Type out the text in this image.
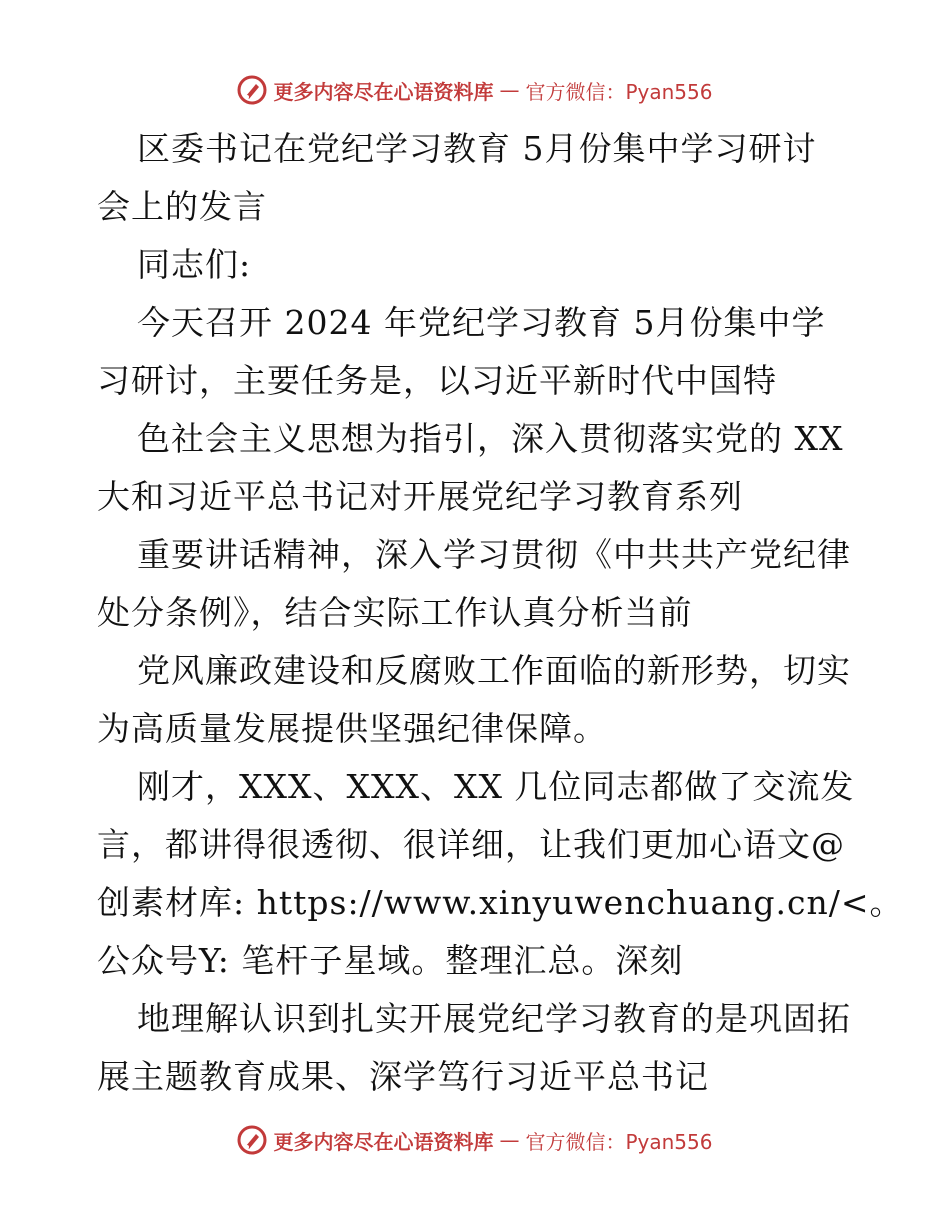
更多内容尽在心语资料库 — 官方微信：Pyan556
区委书记在党纪学习教育 5月份集中学习研讨
会上的发言
同志们:
今天召开 2024 年党纪学习教育 5月份集中学
习研讨，主要任务是，以习近平新时代中国特
色社会主义思想为指引，深入贯彻落实党的 XX
大和习近平总书记对开展党纪学习教育系列
重要讲话精神，深入学习贯彻《中共共产党纪律
处分条例》，结合实际工作认真分析当前
党风廉政建设和反腐败工作面临的新形势，切实
为高质量发展提供坚强纪律保障。
刚才，XXX、XXX、XX 几位同志都做了交流发
言，都讲得很透彻、很详细，让我们更加心语文@
创素材库: https://www.xinyuwenchuang.cn/<。
公众号Y: 笔杆子星域。整理汇总。深刻
地理解认识到扎实开展党纪学习教育的是巩固拓
展主题教育成果、深学笃行习近平总书记
更多内容尽在心语资料库 — 官方微信：Pyan556
